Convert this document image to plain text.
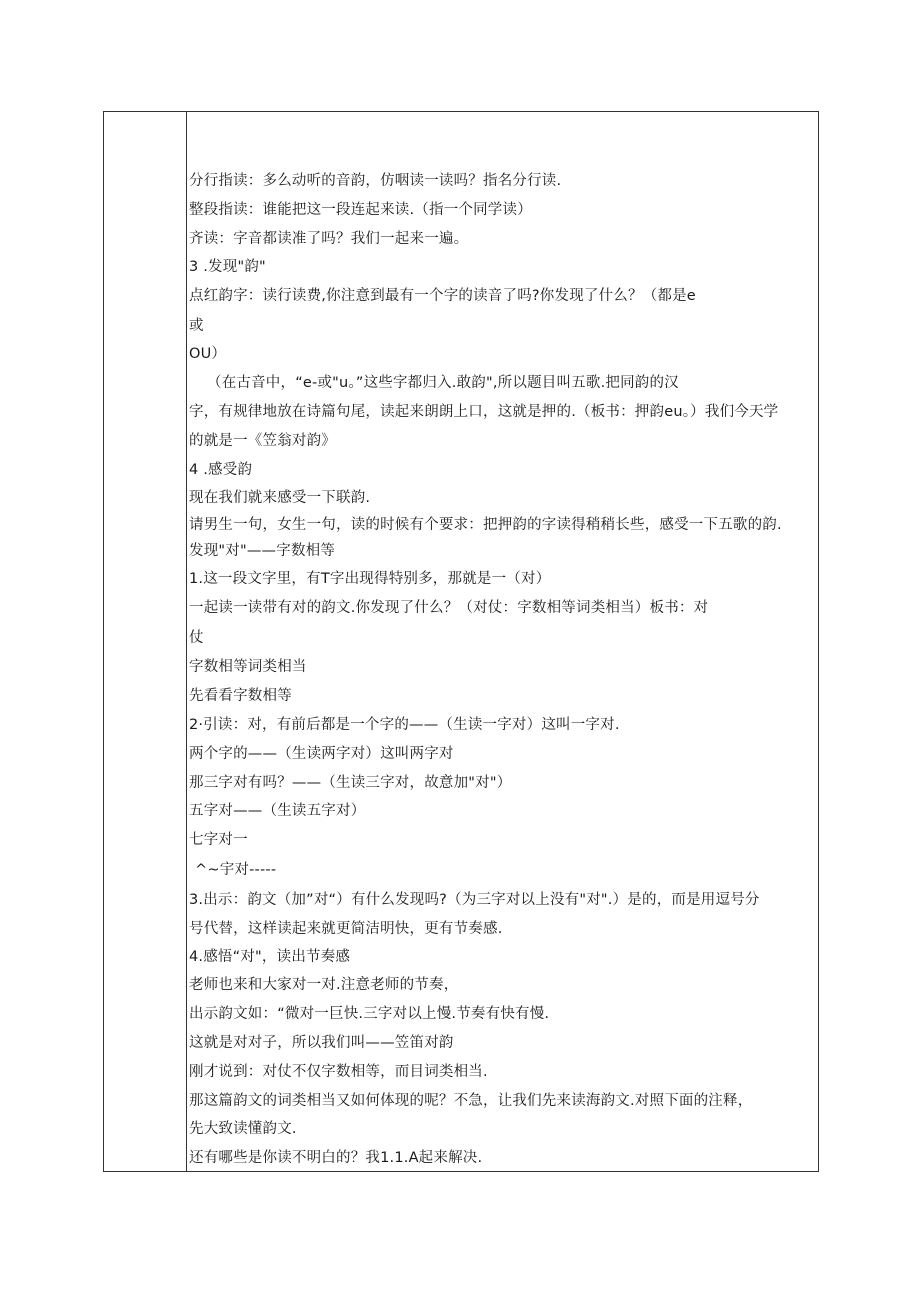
分行指读：多么动听的音韵，仿咽读一读吗？指名分行读.
整段指读：谁能把这一段连起来读.（指一个同学读）
齐读：字音都读准了吗？我们一起来一遍。
3 .发现"韵"
点红韵字：读行读费,你注意到最有一个字的读音了吗?你发现了什么？（都是e
或
OU）
（在古音中，“e-或"u。”这些字都归入.敢韵",所以题目叫五歌.把同韵的汉
字，有规律地放在诗篇句尾，读起来朗朗上口，这就是押的.（板书：押韵eu。）我们今天学
的就是一《笠翁对韵》
4 .感受韵
现在我们就来感受一下联韵.
请男生一句，女生一句，读的时候有个要求：把押韵的字读得稍稍长些，感受一下五歌的韵.
发现"对"——字数相等
1.这一段文字里，有T字出现得特别多，那就是一（对）
一起读一读带有对的韵文.你发现了什么？（对仗：字数相等词类相当）板书：对
仗
字数相等词类相当
先看看字数相等
2·引读：对，有前后都是一个字的——（生读一字对）这叫一字对.
两个字的——（生读两字对）这叫两字对
那三字对有吗？——（生读三字对，故意加"对"）
五字对——（生读五字对）
七字对一
^~宇对-----
3.出示：韵文（加”对“）有什么发现吗?（为三字对以上没有"对".）是的，而是用逗号分
号代替，这样读起来就更简洁明快，更有节奏感.
4.感悟“对"，读出节奏感
老师也来和大家对一对.注意老师的节奏，
出示韵文如：“微对一巨快.三字对以上慢.节奏有快有慢.
这就是对对子，所以我们叫——笠笛对韵
刚才说到：对仗不仅字数相等，而目词类相当.
那这篇韵文的词类相当又如何体现的呢？不急，让我们先来读海韵文.对照下面的注释，
先大致读懂韵文.
还有哪些是你读不明白的？我1.1.A起来解决.
